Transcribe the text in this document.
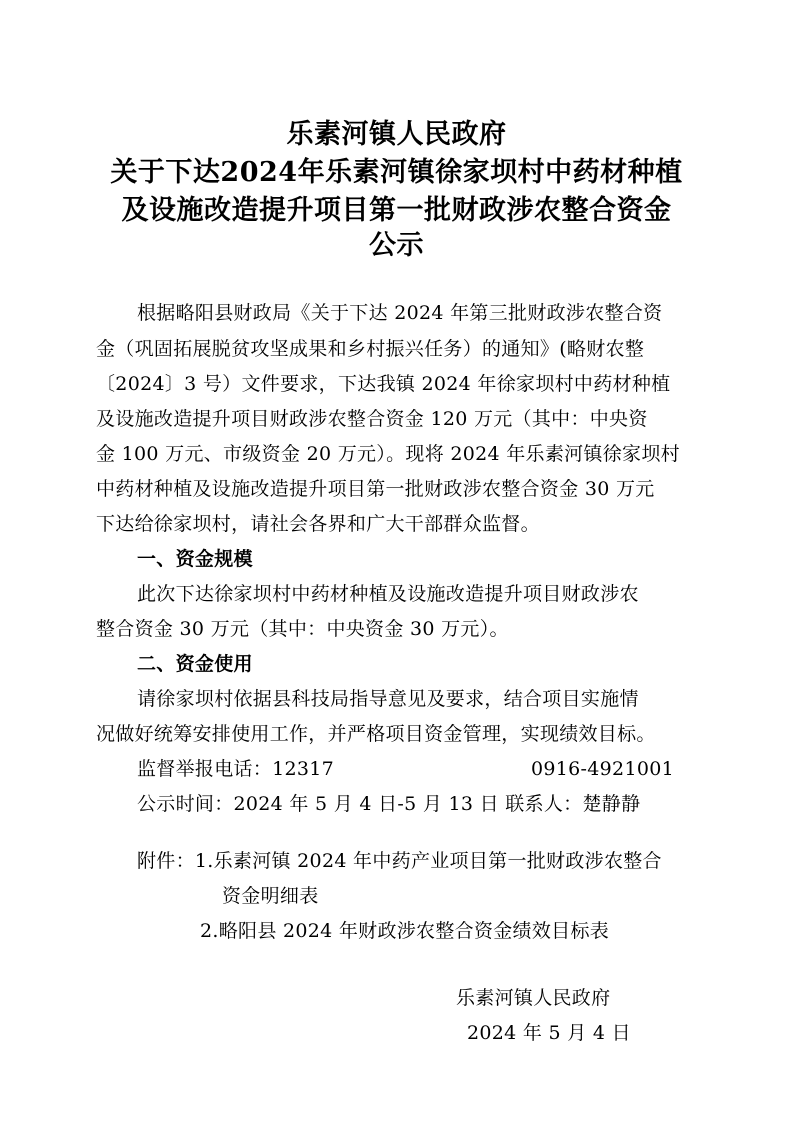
乐素河镇人民政府
关于下达2024年乐素河镇徐家坝村中药材种植
及设施改造提升项目第一批财政涉农整合资金
公示
根据略阳县财政局《关于下达 2024 年第三批财政涉农整合资
金（巩固拓展脱贫攻坚成果和乡村振兴任务）的通知》(略财农整
〔2024〕3 号）文件要求，下达我镇 2024 年徐家坝村中药材种植
及设施改造提升项目财政涉农整合资金 120 万元（其中：中央资
金 100 万元、市级资金 20 万元）。现将 2024 年乐素河镇徐家坝村
中药材种植及设施改造提升项目第一批财政涉农整合资金 30 万元
下达给徐家坝村，请社会各界和广大干部群众监督。
一、资金规模
此次下达徐家坝村中药材种植及设施改造提升项目财政涉农
整合资金 30 万元（其中：中央资金 30 万元）。
二、资金使用
请徐家坝村依据县科技局指导意见及要求，结合项目实施情
况做好统筹安排使用工作，并严格项目资金管理，实现绩效目标。
监督举报电话：12317	0916-4921001
公示时间：2024 年 5 月 4 日-5 月 13 日 联系人：楚静静
附件：1.乐素河镇 2024 年中药产业项目第一批财政涉农整合
资金明细表
2.略阳县 2024 年财政涉农整合资金绩效目标表
乐素河镇人民政府
2024 年 5 月 4 日
